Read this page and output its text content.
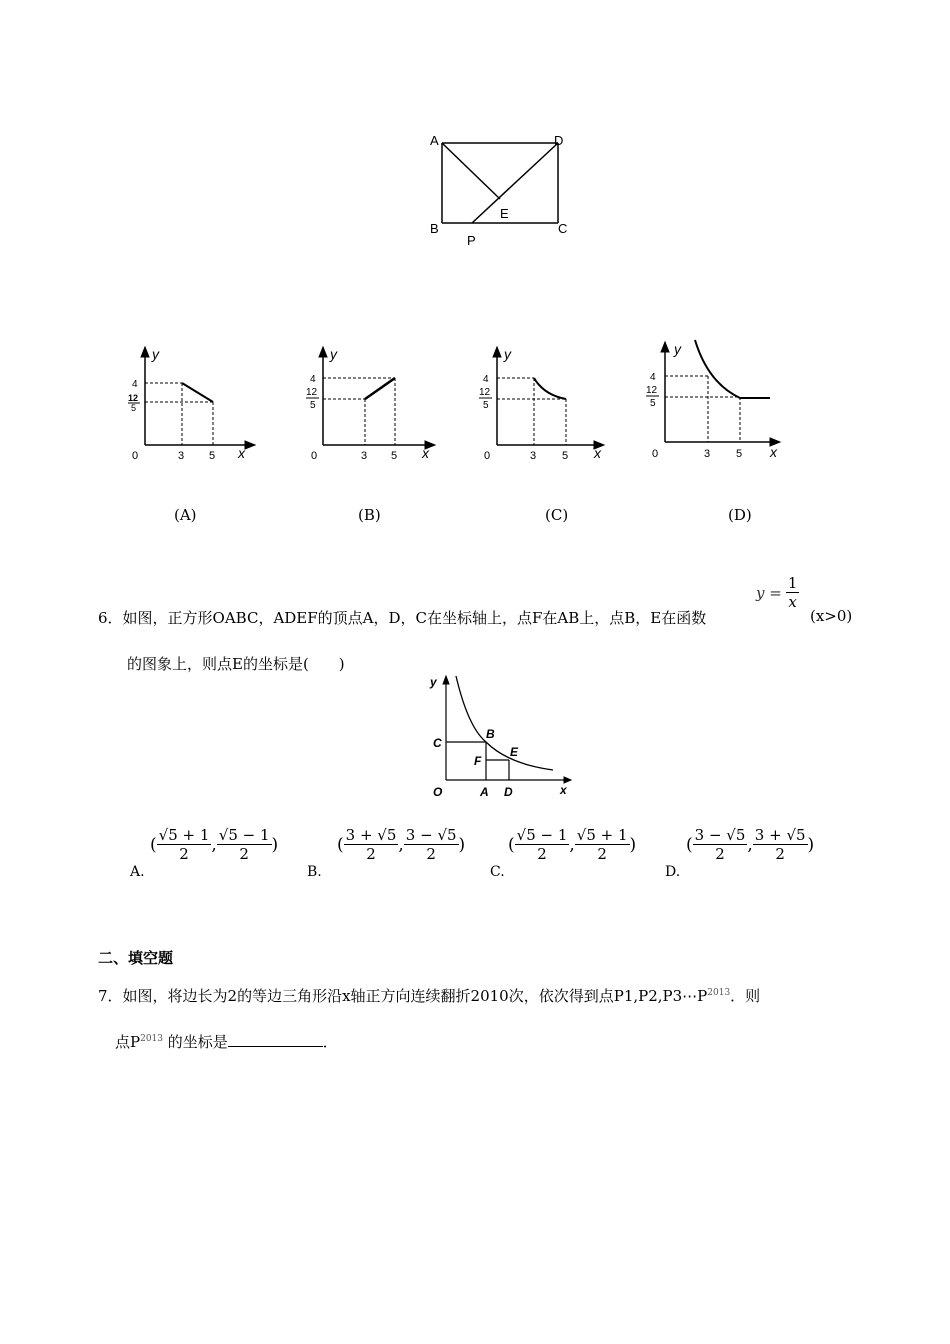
A	D
B	C
E
P
y
x
4
12
5
0	3 5
y
x
4
12
5
0	3 5
y
x
4
12
5
0	3 5
y
x
4
12
5
0	3 5
(A)	(B)	(C)	(D)
6．如图，正方形OABC，ADEF的顶点A，D，C在坐标轴上，点F在AB上，点B，E在函数
$y = \frac{1}{x}$
(x>0)
的图象上，则点E的坐标是(　　)
y
x
O	A D
C
B
E
F
A.
( $\frac{√5 + 1}{2}$ , $\frac{√5 - 1}{2}$ )
B.
( $\frac{3 + √5}{2}$ , $\frac{3 - √5}{2}$ )
C.
( $\frac{√5 - 1}{2}$ , $\frac{√5 + 1}{2}$ )
D.
( $\frac{3 - √5}{2}$ , $\frac{3 + √5}{2}$ )
二、填空题
7．如图，将边长为2的等边三角形沿x轴正方向连续翻折2010次，依次得到点$P1,P2,P3\cdots P^{2013}$．则
点$P^{2013}$ 的坐标是	．
